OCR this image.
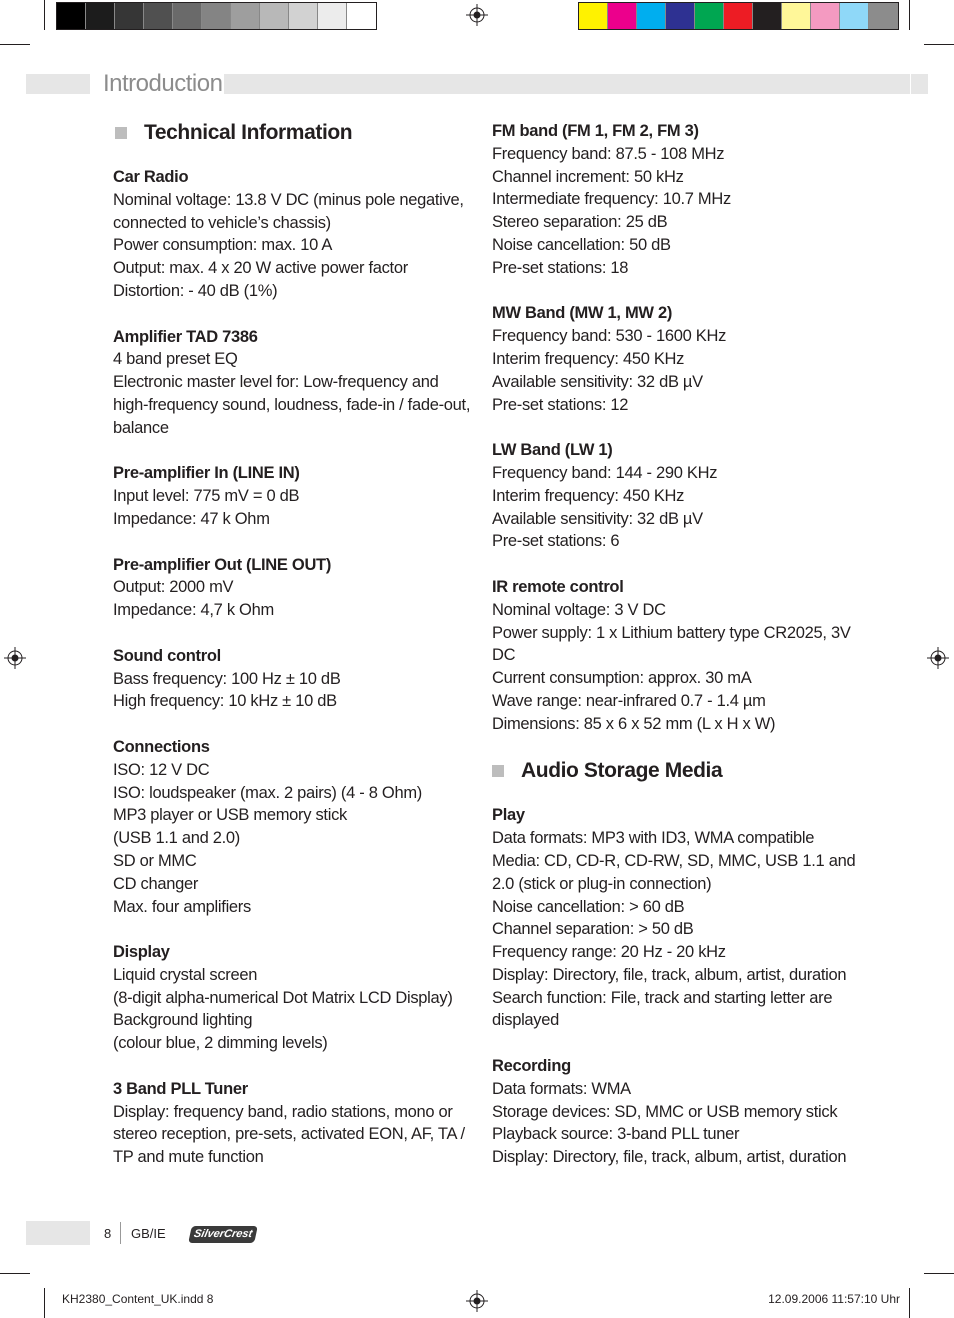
Introduction
Technical Information
Car Radio
Nominal voltage: 13.8 V DC (minus pole negative, connected to vehicle’s chassis)
Power consumption: max. 10 A
Output: max. 4 x 20 W active power factor
Distortion: - 40 dB (1%)
Amplifier TAD 7386
4 band preset EQ
Electronic master level for: Low-frequency and high-frequency sound, loudness, fade-in / fade-out, balance
Pre-amplifier In (LINE IN)
Input level: 775 mV = 0 dB
Impedance: 47 k Ohm
Pre-amplifier Out (LINE OUT)
Output: 2000 mV
Impedance: 4,7 k Ohm
Sound control
Bass frequency: 100 Hz ± 10 dB
High frequency: 10 kHz ± 10 dB
Connections
ISO: 12 V DC
ISO: loudspeaker (max. 2 pairs) (4 - 8 Ohm)
MP3 player or USB memory stick
(USB 1.1 and 2.0)
SD or MMC
CD changer
Max. four amplifiers
Display
Liquid crystal screen
(8-digit alpha-numerical Dot Matrix LCD Display)
Background lighting
(colour blue, 2 dimming levels)
3 Band PLL Tuner
Display: frequency band, radio stations, mono or stereo reception, pre-sets, activated EON, AF, TA / TP and mute function
FM band (FM 1, FM 2, FM 3)
Frequency band: 87.5 - 108 MHz
Channel increment: 50 kHz
Intermediate frequency: 10.7 MHz
Stereo separation: 25 dB
Noise cancellation: 50 dB
Pre-set stations: 18
MW Band (MW 1, MW 2)
Frequency band: 530 - 1600 KHz
Interim frequency: 450 KHz
Available sensitivity: 32 dB µV
Pre-set stations: 12
LW Band (LW 1)
Frequency band: 144 - 290 KHz
Interim frequency: 450 KHz
Available sensitivity: 32 dB µV
Pre-set stations: 6
IR remote control
Nominal voltage: 3 V DC
Power supply: 1 x Lithium battery type CR2025, 3V DC
Current consumption: approx. 30 mA
Wave range: near-infrared 0.7 - 1.4 µm
Dimensions: 85 x 6 x 52 mm (L x H x W)
Audio Storage Media
Play
Data formats: MP3 with ID3, WMA compatible
Media: CD, CD-R, CD-RW, SD, MMC, USB 1.1 and 2.0 (stick or plug-in connection)
Noise cancellation: > 60 dB
Channel separation: > 50 dB
Frequency range: 20 Hz - 20 kHz
Display: Directory, file, track, album, artist, duration
Search function: File, track and starting letter are displayed
Recording
Data formats: WMA
Storage devices: SD, MMC or USB memory stick
Playback source: 3-band PLL tuner
Display: Directory, file, track, album, artist, duration
8 GB/IE	SilverCrest
KH2380_Content_UK.indd 8	12.09.2006 11:57:10 Uhr
